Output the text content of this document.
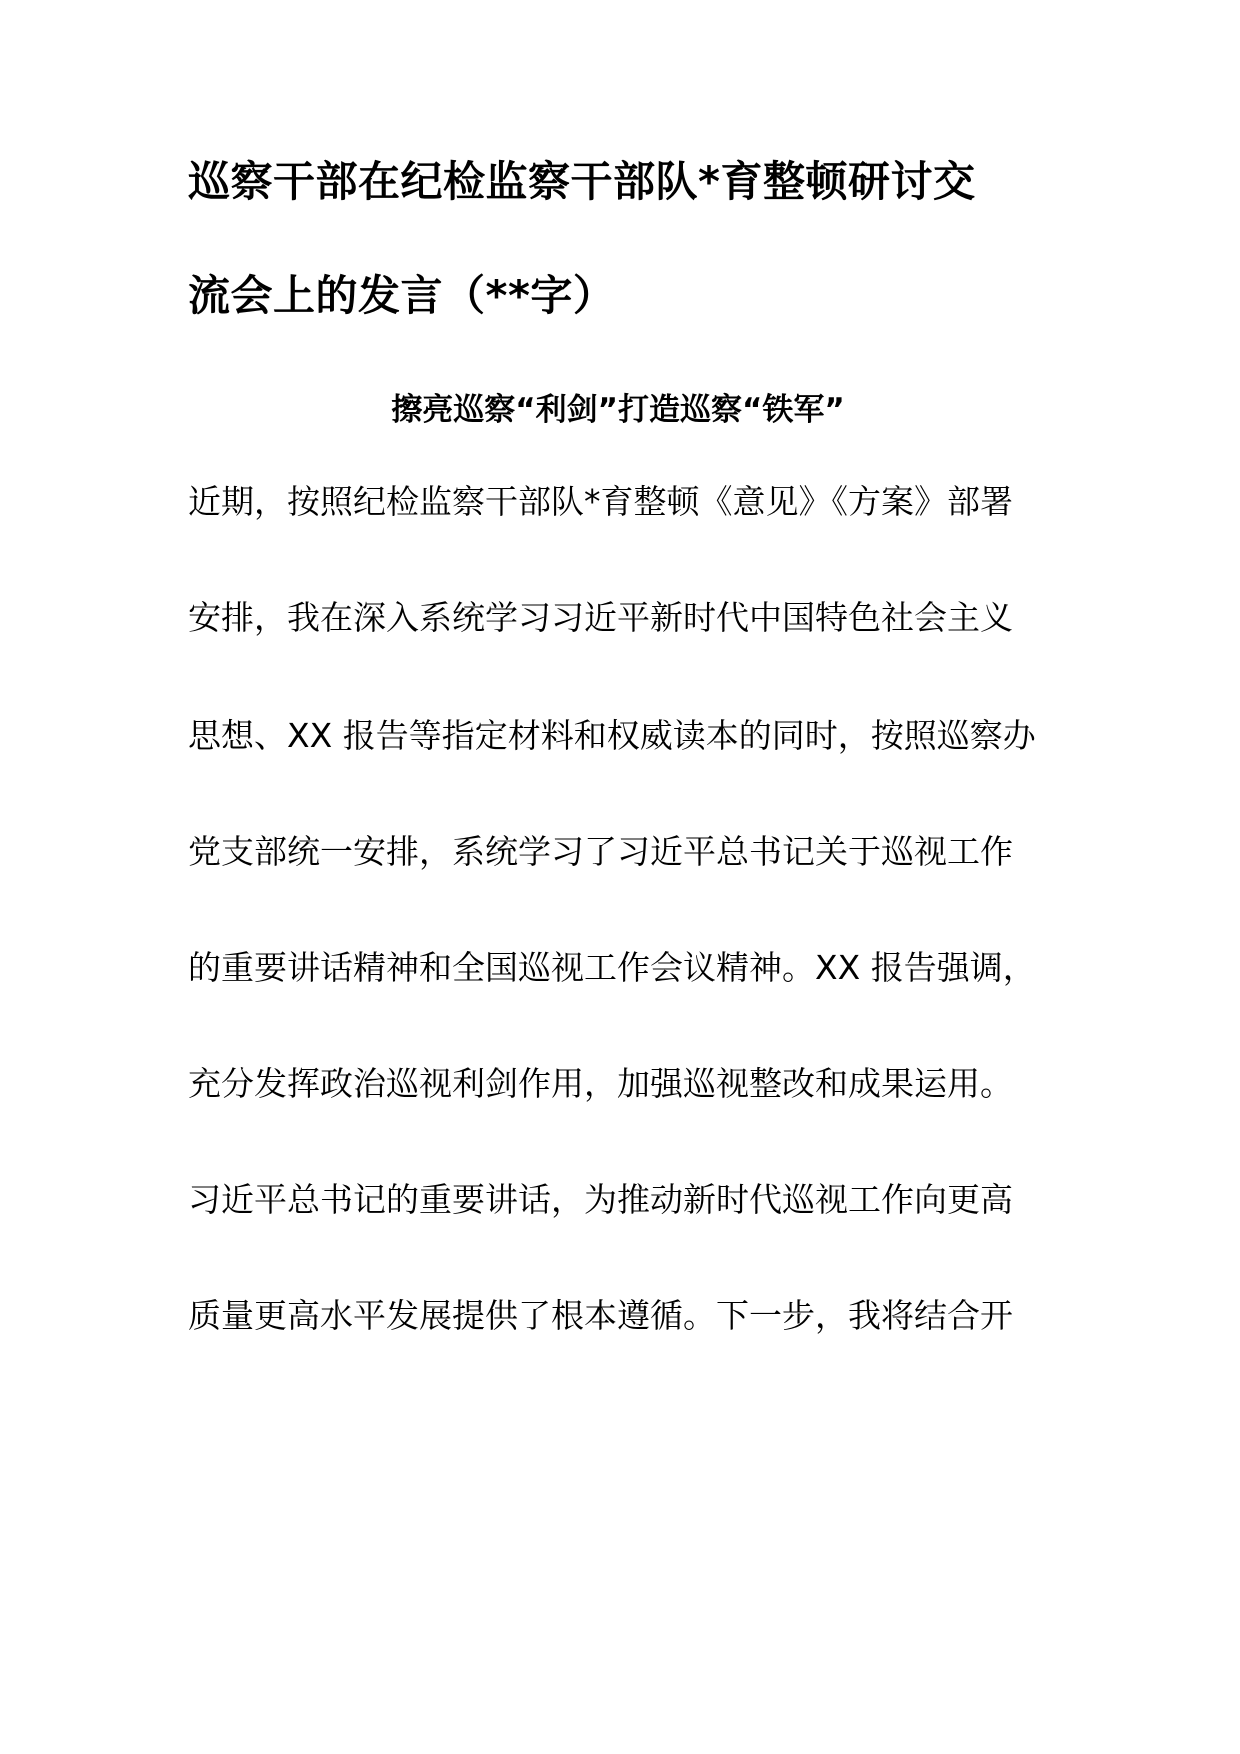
巡察干部在纪检监察干部队*育整顿研讨交
流会上的发言（**字）
擦亮巡察“利剑”打造巡察“铁军”
近期，按照纪检监察干部队*育整顿《意见》《方案》部署
安排，我在深入系统学习习近平新时代中国特色社会主义
思想、XX 报告等指定材料和权威读本的同时，按照巡察办
党支部统一安排，系统学习了习近平总书记关于巡视工作
的重要讲话精神和全国巡视工作会议精神。XX 报告强调，
充分发挥政治巡视利剑作用，加强巡视整改和成果运用。
习近平总书记的重要讲话，为推动新时代巡视工作向更高
质量更高水平发展提供了根本遵循。下一步，我将结合开
